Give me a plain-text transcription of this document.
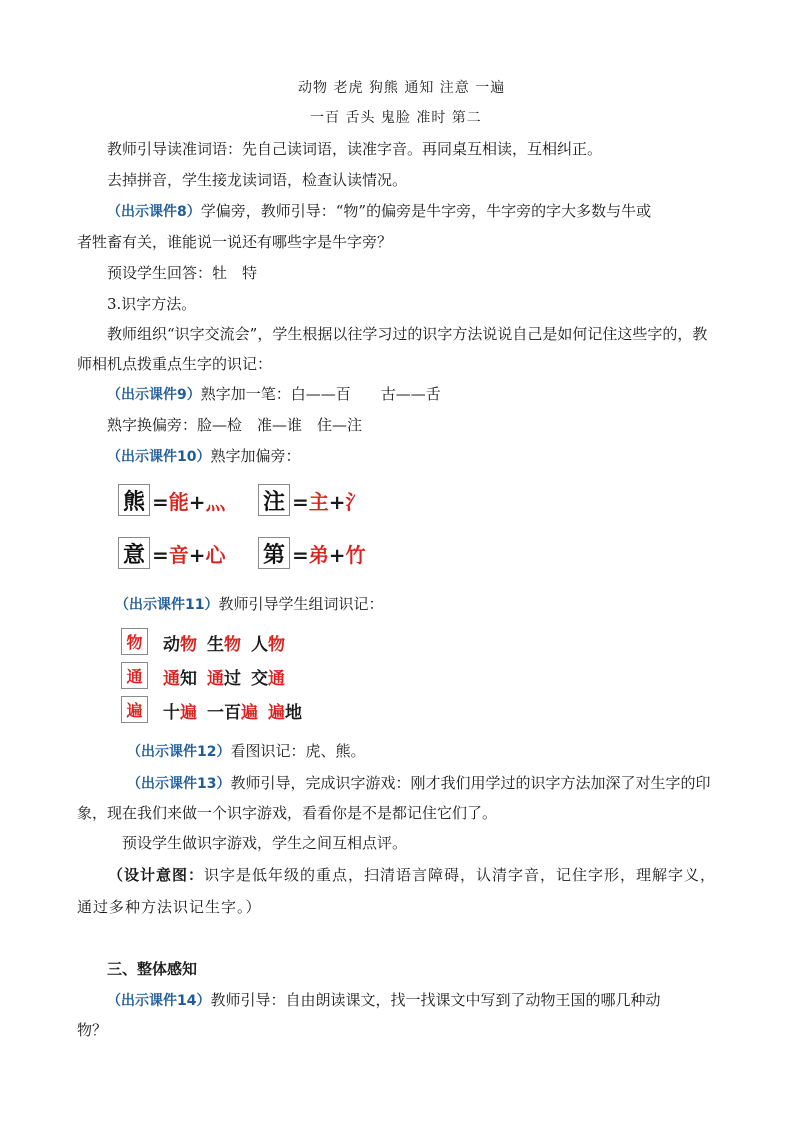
动物 老虎 狗熊 通知 注意 一遍
一百 舌头 鬼脸 准时 第二
教师引导读准词语：先自己读词语，读准字音。再同桌互相读，互相纠正。
去掉拼音，学生接龙读词语，检查认读情况。
（出示课件8）学偏旁，教师引导：“物”的偏旁是牛字旁，牛字旁的字大多数与牛或
者牲畜有关，谁能说一说还有哪些字是牛字旁？
预设学生回答：牡　特
3.识字方法。
教师组织“识字交流会”，学生根据以往学习过的识字方法说说自己是如何记住这些字的，教
师相机点拨重点生字的识记：
（出示课件9）熟字加一笔：白——百　　古——舌
熟字换偏旁：脸—检　准—谁　住—注
（出示课件10）熟字加偏旁：
熊 =能+灬 注 =主+氵
意 =音+心 第 =弟+竹
（出示课件11）教师引导学生组词识记：
物	动物 生物 人物
通	通知 通过 交通
遍	十遍 一百遍 遍地
（出示课件12）看图识记：虎、熊。
（出示课件13）教师引导，完成识字游戏：刚才我们用学过的识字方法加深了对生字的印
象，现在我们来做一个识字游戏，看看你是不是都记住它们了。
预设学生做识字游戏，学生之间互相点评。
（设计意图：识字是低年级的重点，扫清语言障碍，认清字音，记住字形，理解字义，
通过多种方法识记生字。）
三、整体感知
（出示课件14）教师引导：自由朗读课文，找一找课文中写到了动物王国的哪几种动
物？
